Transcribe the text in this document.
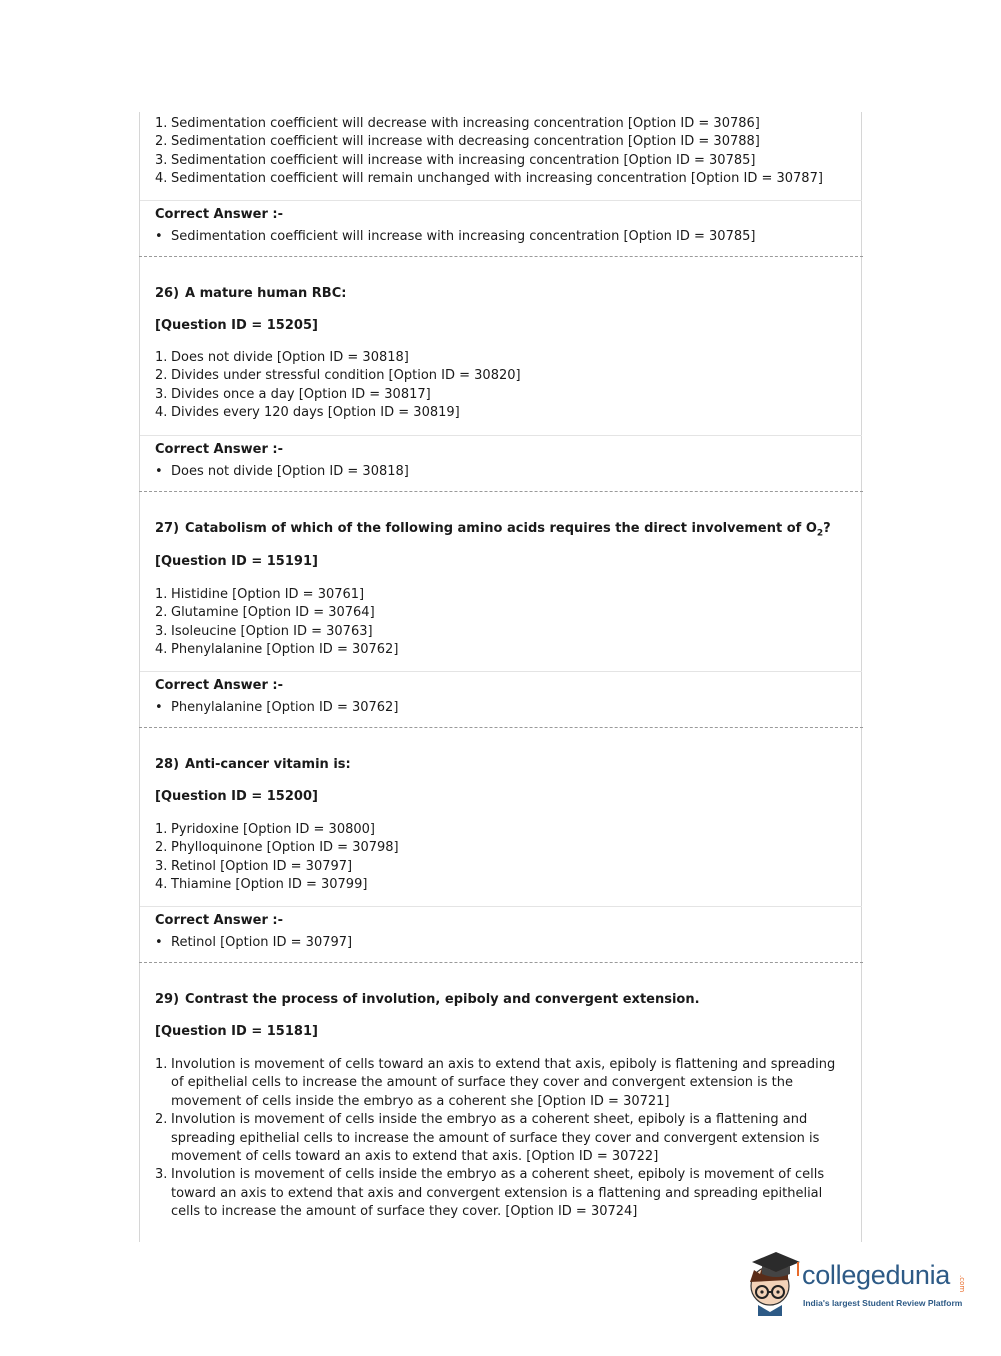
1. Sedimentation coefficient will decrease with increasing concentration [Option ID = 30786]
2. Sedimentation coefficient will increase with decreasing concentration [Option ID = 30788]
3. Sedimentation coefficient will increase with increasing concentration [Option ID = 30785]
4. Sedimentation coefficient will remain unchanged with increasing concentration [Option ID = 30787]
Correct Answer :-
• Sedimentation coefficient will increase with increasing concentration [Option ID = 30785]
26) A mature human RBC:
[Question ID = 15205]
1. Does not divide [Option ID = 30818]
2. Divides under stressful condition [Option ID = 30820]
3. Divides once a day [Option ID = 30817]
4. Divides every 120 days [Option ID = 30819]
Correct Answer :-
• Does not divide [Option ID = 30818]
27) Catabolism of which of the following amino acids requires the direct involvement of $O_2$?
[Question ID = 15191]
1. Histidine [Option ID = 30761]
2. Glutamine [Option ID = 30764]
3. Isoleucine [Option ID = 30763]
4. Phenylalanine [Option ID = 30762]
Correct Answer :-
• Phenylalanine [Option ID = 30762]
28) Anti-cancer vitamin is:
[Question ID = 15200]
1. Pyridoxine [Option ID = 30800]
2. Phylloquinone [Option ID = 30798]
3. Retinol [Option ID = 30797]
4. Thiamine [Option ID = 30799]
Correct Answer :-
• Retinol [Option ID = 30797]
29) Contrast the process of involution, epiboly and convergent extension.
[Question ID = 15181]
1. Involution is movement of cells toward an axis to extend that axis, epiboly is flattening and spreading of epithelial cells to increase the amount of surface they cover and convergent extension is the movement of cells inside the embryo as a coherent she [Option ID = 30721]
2. Involution is movement of cells inside the embryo as a coherent sheet, epiboly is a flattening and spreading epithelial cells to increase the amount of surface they cover and convergent extension is movement of cells toward an axis to extend that axis. [Option ID = 30722]
3. Involution is movement of cells inside the embryo as a coherent sheet, epiboly is movement of cells toward an axis to extend that axis and convergent extension is a flattening and spreading epithelial cells to increase the amount of surface they cover. [Option ID = 30724]
collegedunia .com
India's largest Student Review Platform
